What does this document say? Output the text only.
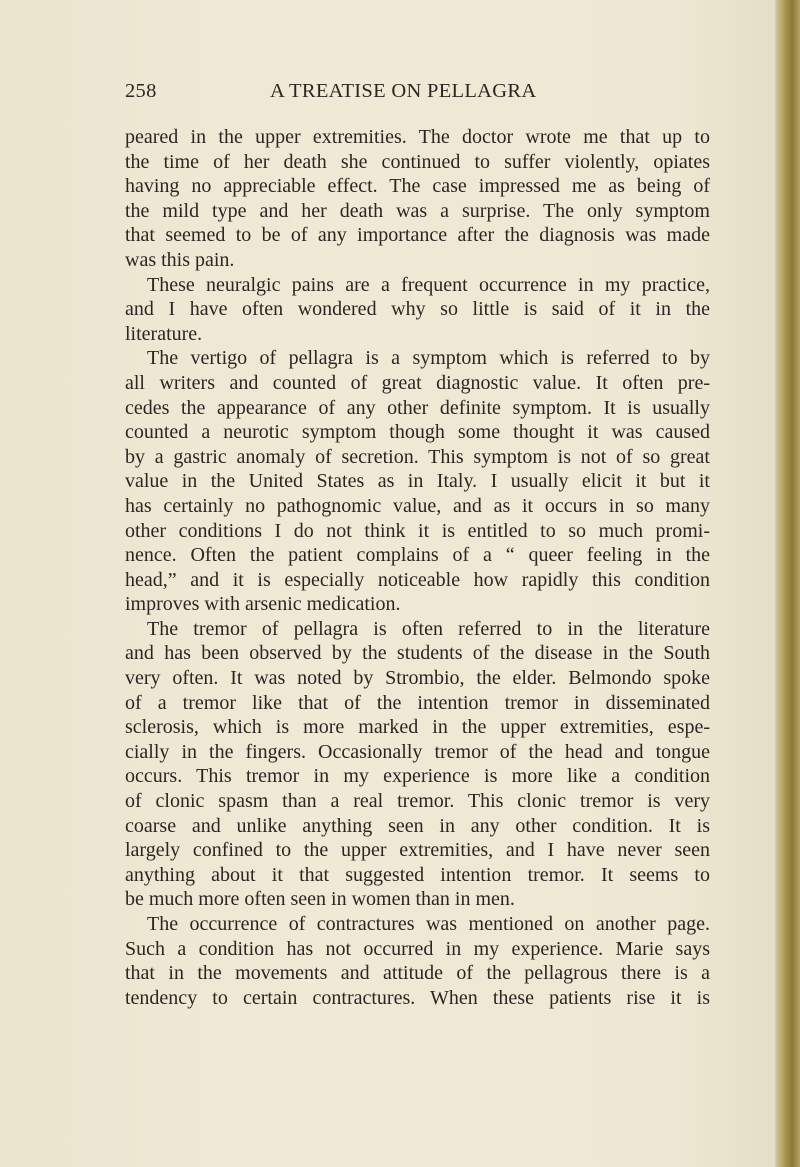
258	A TREATISE ON PELLAGRA
peared in the upper extremities. The doctor wrote me that up to
the time of her death she continued to suffer violently, opiates
having no appreciable effect. The case impressed me as being of
the mild type and her death was a surprise. The only symptom
that seemed to be of any importance after the diagnosis was made
was this pain.
These neuralgic pains are a frequent occurrence in my practice,
and I have often wondered why so little is said of it in the
literature.
The vertigo of pellagra is a symptom which is referred to by
all writers and counted of great diagnostic value. It often pre-
cedes the appearance of any other definite symptom. It is usually
counted a neurotic symptom though some thought it was caused
by a gastric anomaly of secretion. This symptom is not of so great
value in the United States as in Italy. I usually elicit it but it
has certainly no pathognomic value, and as it occurs in so many
other conditions I do not think it is entitled to so much promi-
nence. Often the patient complains of a “ queer feeling in the
head,” and it is especially noticeable how rapidly this condition
improves with arsenic medication.
The tremor of pellagra is often referred to in the literature
and has been observed by the students of the disease in the South
very often. It was noted by Strombio, the elder. Belmondo spoke
of a tremor like that of the intention tremor in disseminated
sclerosis, which is more marked in the upper extremities, espe-
cially in the fingers. Occasionally tremor of the head and tongue
occurs. This tremor in my experience is more like a condition
of clonic spasm than a real tremor. This clonic tremor is very
coarse and unlike anything seen in any other condition. It is
largely confined to the upper extremities, and I have never seen
anything about it that suggested intention tremor. It seems to
be much more often seen in women than in men.
The occurrence of contractures was mentioned on another page.
Such a condition has not occurred in my experience. Marie says
that in the movements and attitude of the pellagrous there is a
tendency to certain contractures. When these patients rise it is
